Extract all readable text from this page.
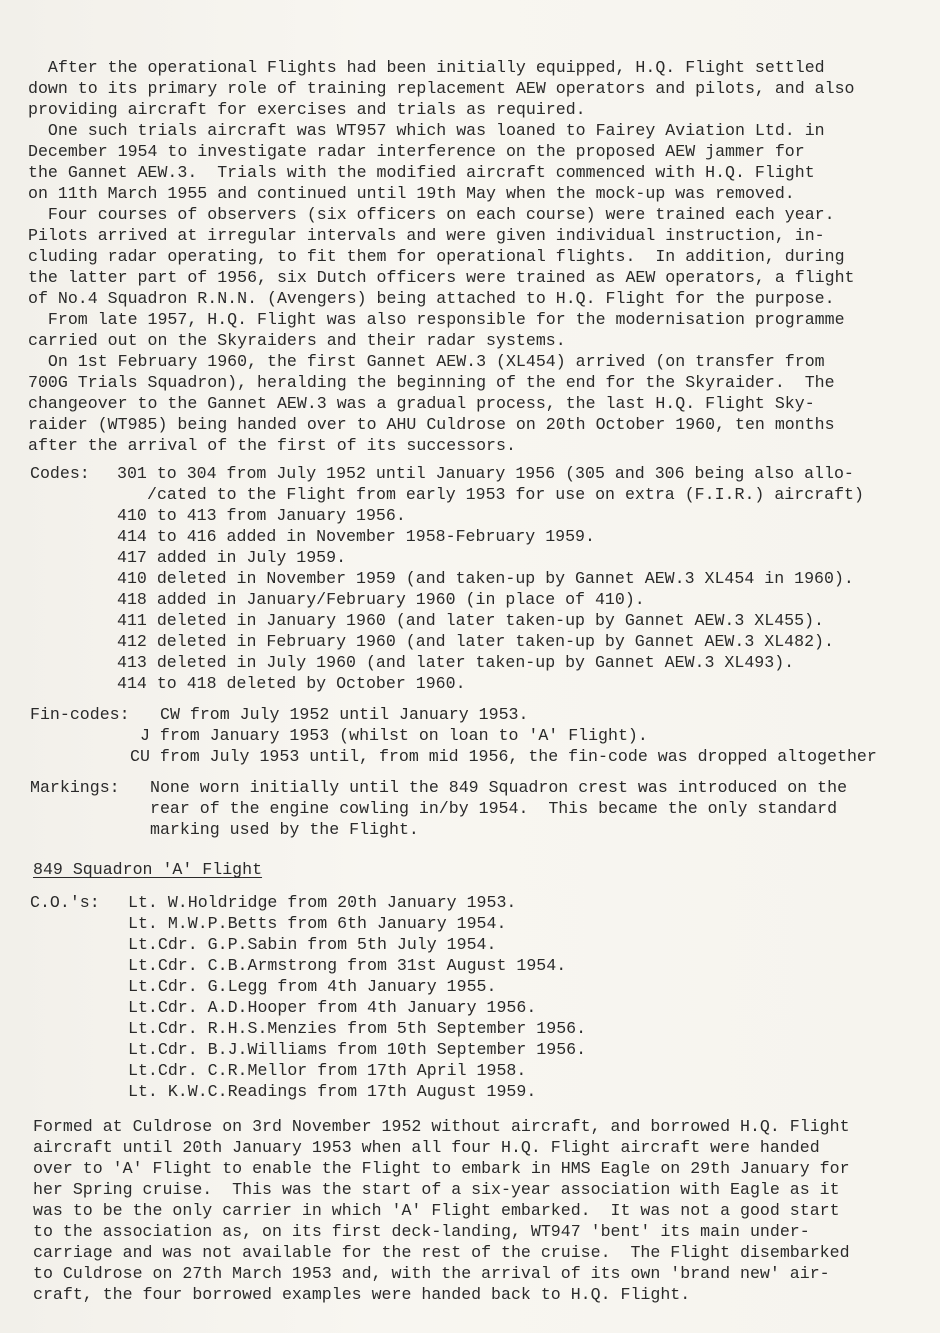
After the operational Flights had been initially equipped, H.Q. Flight settled
down to its primary role of training replacement AEW operators and pilots, and also
providing aircraft for exercises and trials as required.
One such trials aircraft was WT957 which was loaned to Fairey Aviation Ltd. in
December 1954 to investigate radar interference on the proposed AEW jammer for
the Gannet AEW.3.  Trials with the modified aircraft commenced with H.Q. Flight
on 11th March 1955 and continued until 19th May when the mock-up was removed.
Four courses of observers (six officers on each course) were trained each year.
Pilots arrived at irregular intervals and were given individual instruction, in-
cluding radar operating, to fit them for operational flights.  In addition, during
the latter part of 1956, six Dutch officers were trained as AEW operators, a flight
of No.4 Squadron R.N.N. (Avengers) being attached to H.Q. Flight for the purpose.
From late 1957, H.Q. Flight was also responsible for the modernisation programme
carried out on the Skyraiders and their radar systems.
On 1st February 1960, the first Gannet AEW.3 (XL454) arrived (on transfer from
700G Trials Squadron), heralding the beginning of the end for the Skyraider.  The
changeover to the Gannet AEW.3 was a gradual process, the last H.Q. Flight Sky-
raider (WT985) being handed over to AHU Culdrose on 20th October 1960, ten months
after the arrival of the first of its successors.
Codes: 301 to 304 from July 1952 until January 1956 (305 and 306 being also allo-
/cated to the Flight from early 1953 for use on extra (F.I.R.) aircraft)
410 to 413 from January 1956.
414 to 416 added in November 1958-February 1959.
417 added in July 1959.
410 deleted in November 1959 (and taken-up by Gannet AEW.3 XL454 in 1960).
418 added in January/February 1960 (in place of 410).
411 deleted in January 1960 (and later taken-up by Gannet AEW.3 XL455).
412 deleted in February 1960 (and later taken-up by Gannet AEW.3 XL482).
413 deleted in July 1960 (and later taken-up by Gannet AEW.3 XL493).
414 to 418 deleted by October 1960.
Fin-codes: CW from July 1952 until January 1953.
J from January 1953 (whilst on loan to 'A' Flight).
CU from July 1953 until, from mid 1956, the fin-code was dropped altogether
Markings: None worn initially until the 849 Squadron crest was introduced on the
rear of the engine cowling in/by 1954.  This became the only standard
marking used by the Flight.
849 Squadron 'A' Flight
C.O.'s: Lt. W.Holdridge from 20th January 1953.
Lt. M.W.P.Betts from 6th January 1954.
Lt.Cdr. G.P.Sabin from 5th July 1954.
Lt.Cdr. C.B.Armstrong from 31st August 1954.
Lt.Cdr. G.Legg from 4th January 1955.
Lt.Cdr. A.D.Hooper from 4th January 1956.
Lt.Cdr. R.H.S.Menzies from 5th September 1956.
Lt.Cdr. B.J.Williams from 10th September 1956.
Lt.Cdr. C.R.Mellor from 17th April 1958.
Lt. K.W.C.Readings from 17th August 1959.
Formed at Culdrose on 3rd November 1952 without aircraft, and borrowed H.Q. Flight
aircraft until 20th January 1953 when all four H.Q. Flight aircraft were handed
over to 'A' Flight to enable the Flight to embark in HMS Eagle on 29th January for
her Spring cruise.  This was the start of a six-year association with Eagle as it
was to be the only carrier in which 'A' Flight embarked.  It was not a good start
to the association as, on its first deck-landing, WT947 'bent' its main under-
carriage and was not available for the rest of the cruise.  The Flight disembarked
to Culdrose on 27th March 1953 and, with the arrival of its own 'brand new' air-
craft, the four borrowed examples were handed back to H.Q. Flight.
